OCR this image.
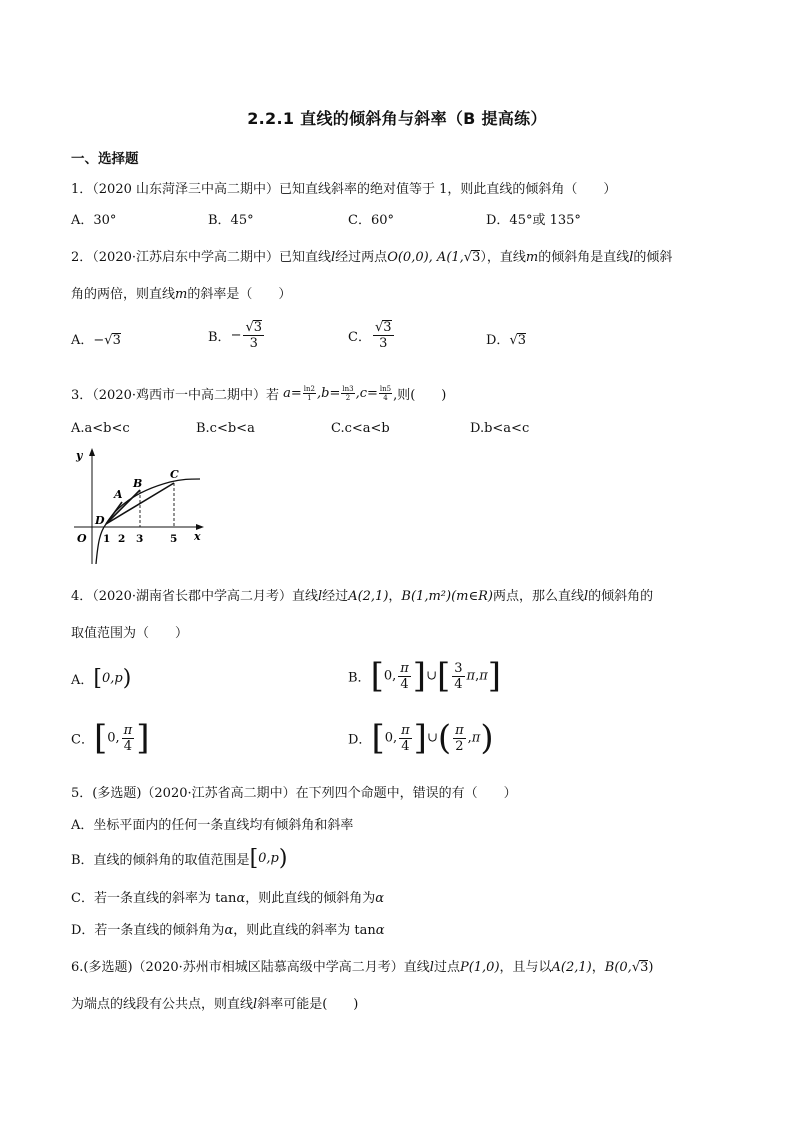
2.2.1 直线的倾斜角与斜率（B 提高练）
一、选择题
1．（2020 山东菏泽三中高二期中）已知直线斜率的绝对值等于 1，则此直线的倾斜角（　　）
A．30°	B．45°	C．60°	D．45°或 135°
2．（2020·江苏启东中学高二期中）已知直线l经过两点O(0,0), A(1,√3），直线m的倾斜角是直线l的倾斜
角的两倍，则直线m的斜率是（　　）
A．−√3	B．− $\frac{√3}{3}$	C． $\frac{√3}{3}$	D．√3
3．（2020·鸡西市一中高二期中）若 $a= \frac{\ln 2}{1} ,b= \frac{\ln 3}{2} ,c= \frac{\ln 5}{4}$ ,则(　　)
A.a<b<c	B.c<b<a	C.c<a<b	D.b<a<c
y
x
O
D
A
B
C
1 2 3	5
4．（2020·湖南省长郡中学高二月考）直线l经过A(2,1)，B(1,m²)(m∈R)两点，那么直线l的倾斜角的
取值范围为（　　）
A．[0,p)	B．[0, $\frac{\pi}{4}$ ]∪[ $\frac{3}{4} \pi,\pi$]
C．[0, $\frac{\pi}{4}$ ]	D．[0, $\frac{\pi}{4}$ ]∪( $\frac{\pi}{2} ,\pi$)
5．(多选题)（2020·江苏省高二期中）在下列四个命题中，错误的有（　　）
A．坐标平面内的任何一条直线均有倾斜角和斜率
B．直线的倾斜角的取值范围是[0,p)
C．若一条直线的斜率为 tanα，则此直线的倾斜角为α
D．若一条直线的倾斜角为α，则此直线的斜率为 tanα
6.(多选题)（2020·苏州市相城区陆慕高级中学高二月考）直线l过点P(1,0)，且与以A(2,1)，B(0,√3)
为端点的线段有公共点，则直线l斜率可能是(　　)
